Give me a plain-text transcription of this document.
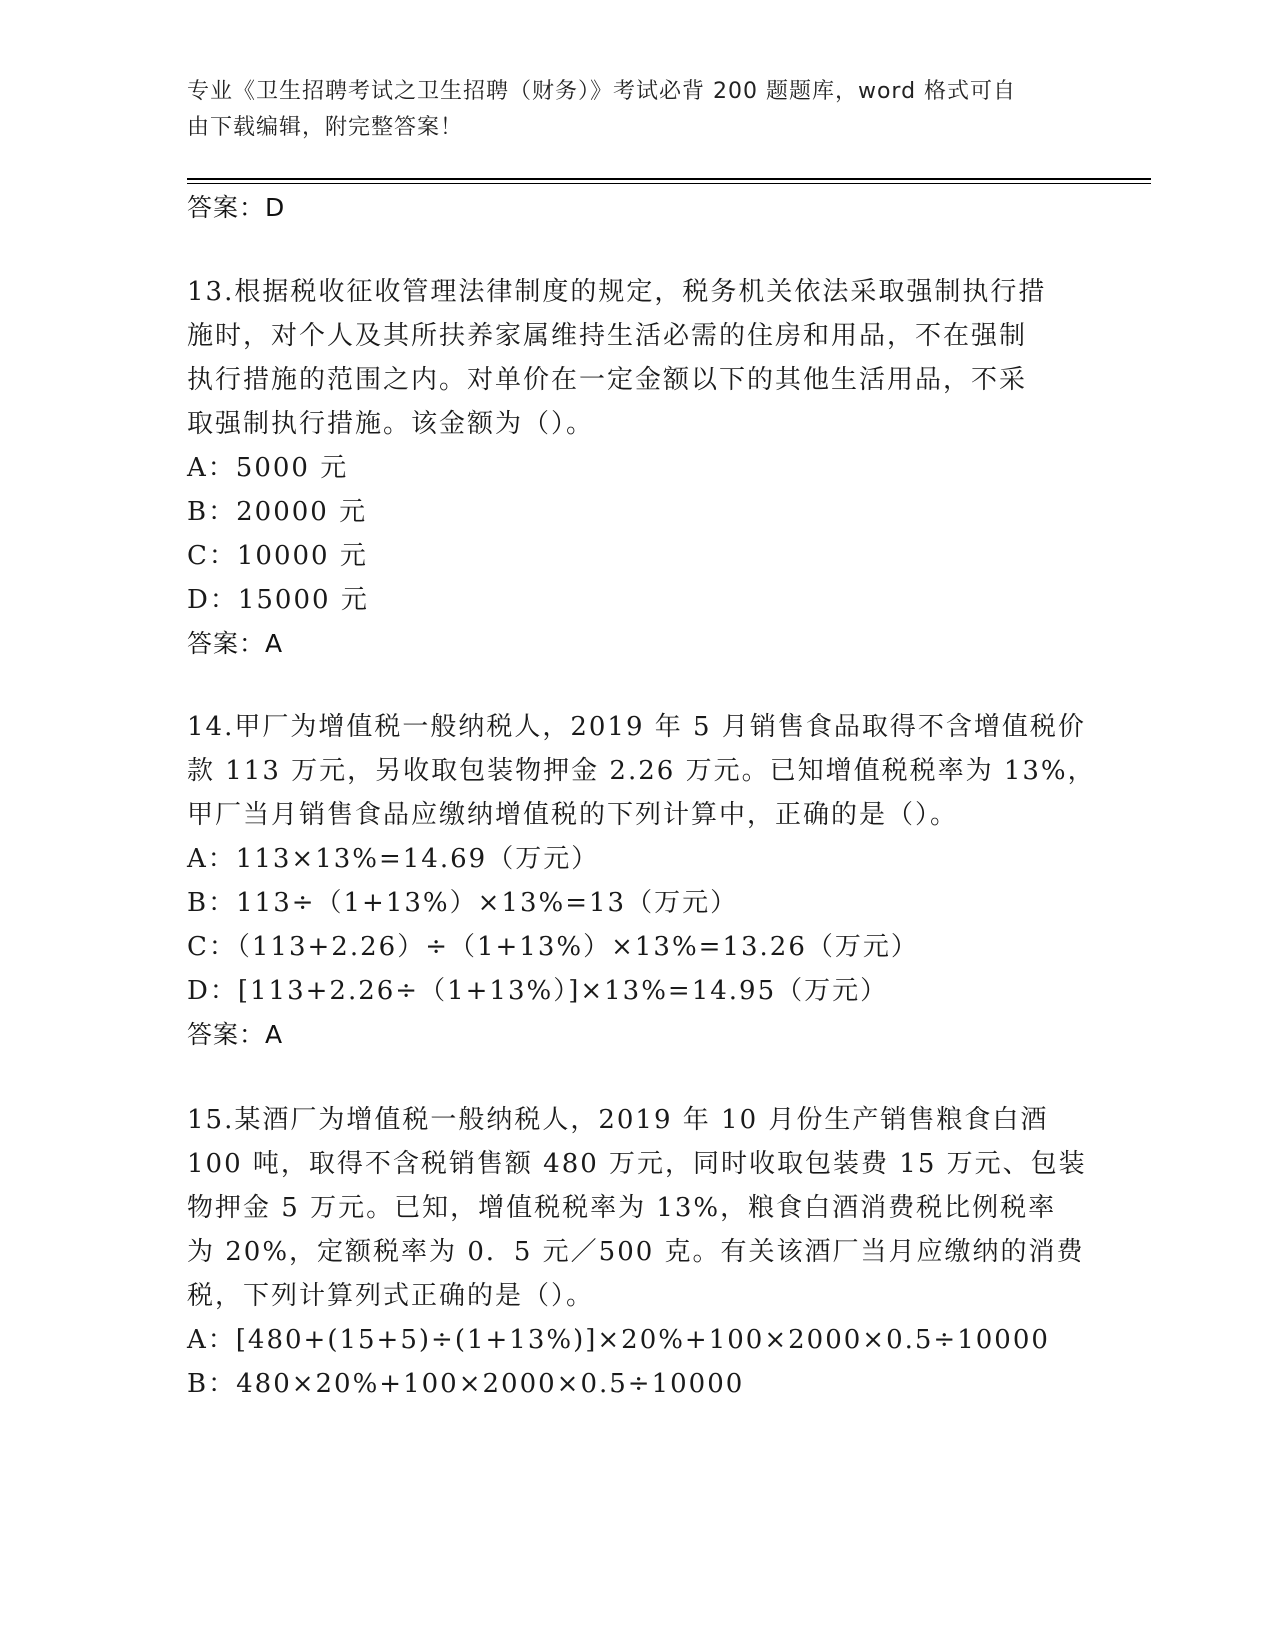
专业《卫生招聘考试之卫生招聘（财务）》考试必背 200 题题库，word 格式可自
由下载编辑，附完整答案！
答案：D
13.根据税收征收管理法律制度的规定，税务机关依法采取强制执行措
施时，对个人及其所扶养家属维持生活必需的住房和用品，不在强制
执行措施的范围之内。对单价在一定金额以下的其他生活用品，不采
取强制执行措施。该金额为（）。
A：5000 元
B：20000 元
C：10000 元
D：15000 元
答案：A
14.甲厂为增值税一般纳税人，2019 年 5 月销售食品取得不含增值税价
款 113 万元，另收取包装物押金 2.26 万元。已知增值税税率为 13%，
甲厂当月销售食品应缴纳增值税的下列计算中，正确的是（）。
A：113×13%=14.69（万元）
B：113÷（1+13%）×13%=13（万元）
C：（113+2.26）÷（1+13%）×13%=13.26（万元）
D：[113+2.26÷（1+13%）]×13%=14.95（万元）
答案：A
15.某酒厂为增值税一般纳税人，2019 年 10 月份生产销售粮食白酒
100 吨，取得不含税销售额 480 万元，同时收取包装费 15 万元、包装
物押金 5 万元。已知，增值税税率为 13%，粮食白酒消费税比例税率
为 20%，定额税率为 0．5 元／500 克。有关该酒厂当月应缴纳的消费
税，下列计算列式正确的是（）。
A：[480+(15+5)÷(1+13%)]×20%+100×2000×0.5÷10000
B：480×20%+100×2000×0.5÷10000
